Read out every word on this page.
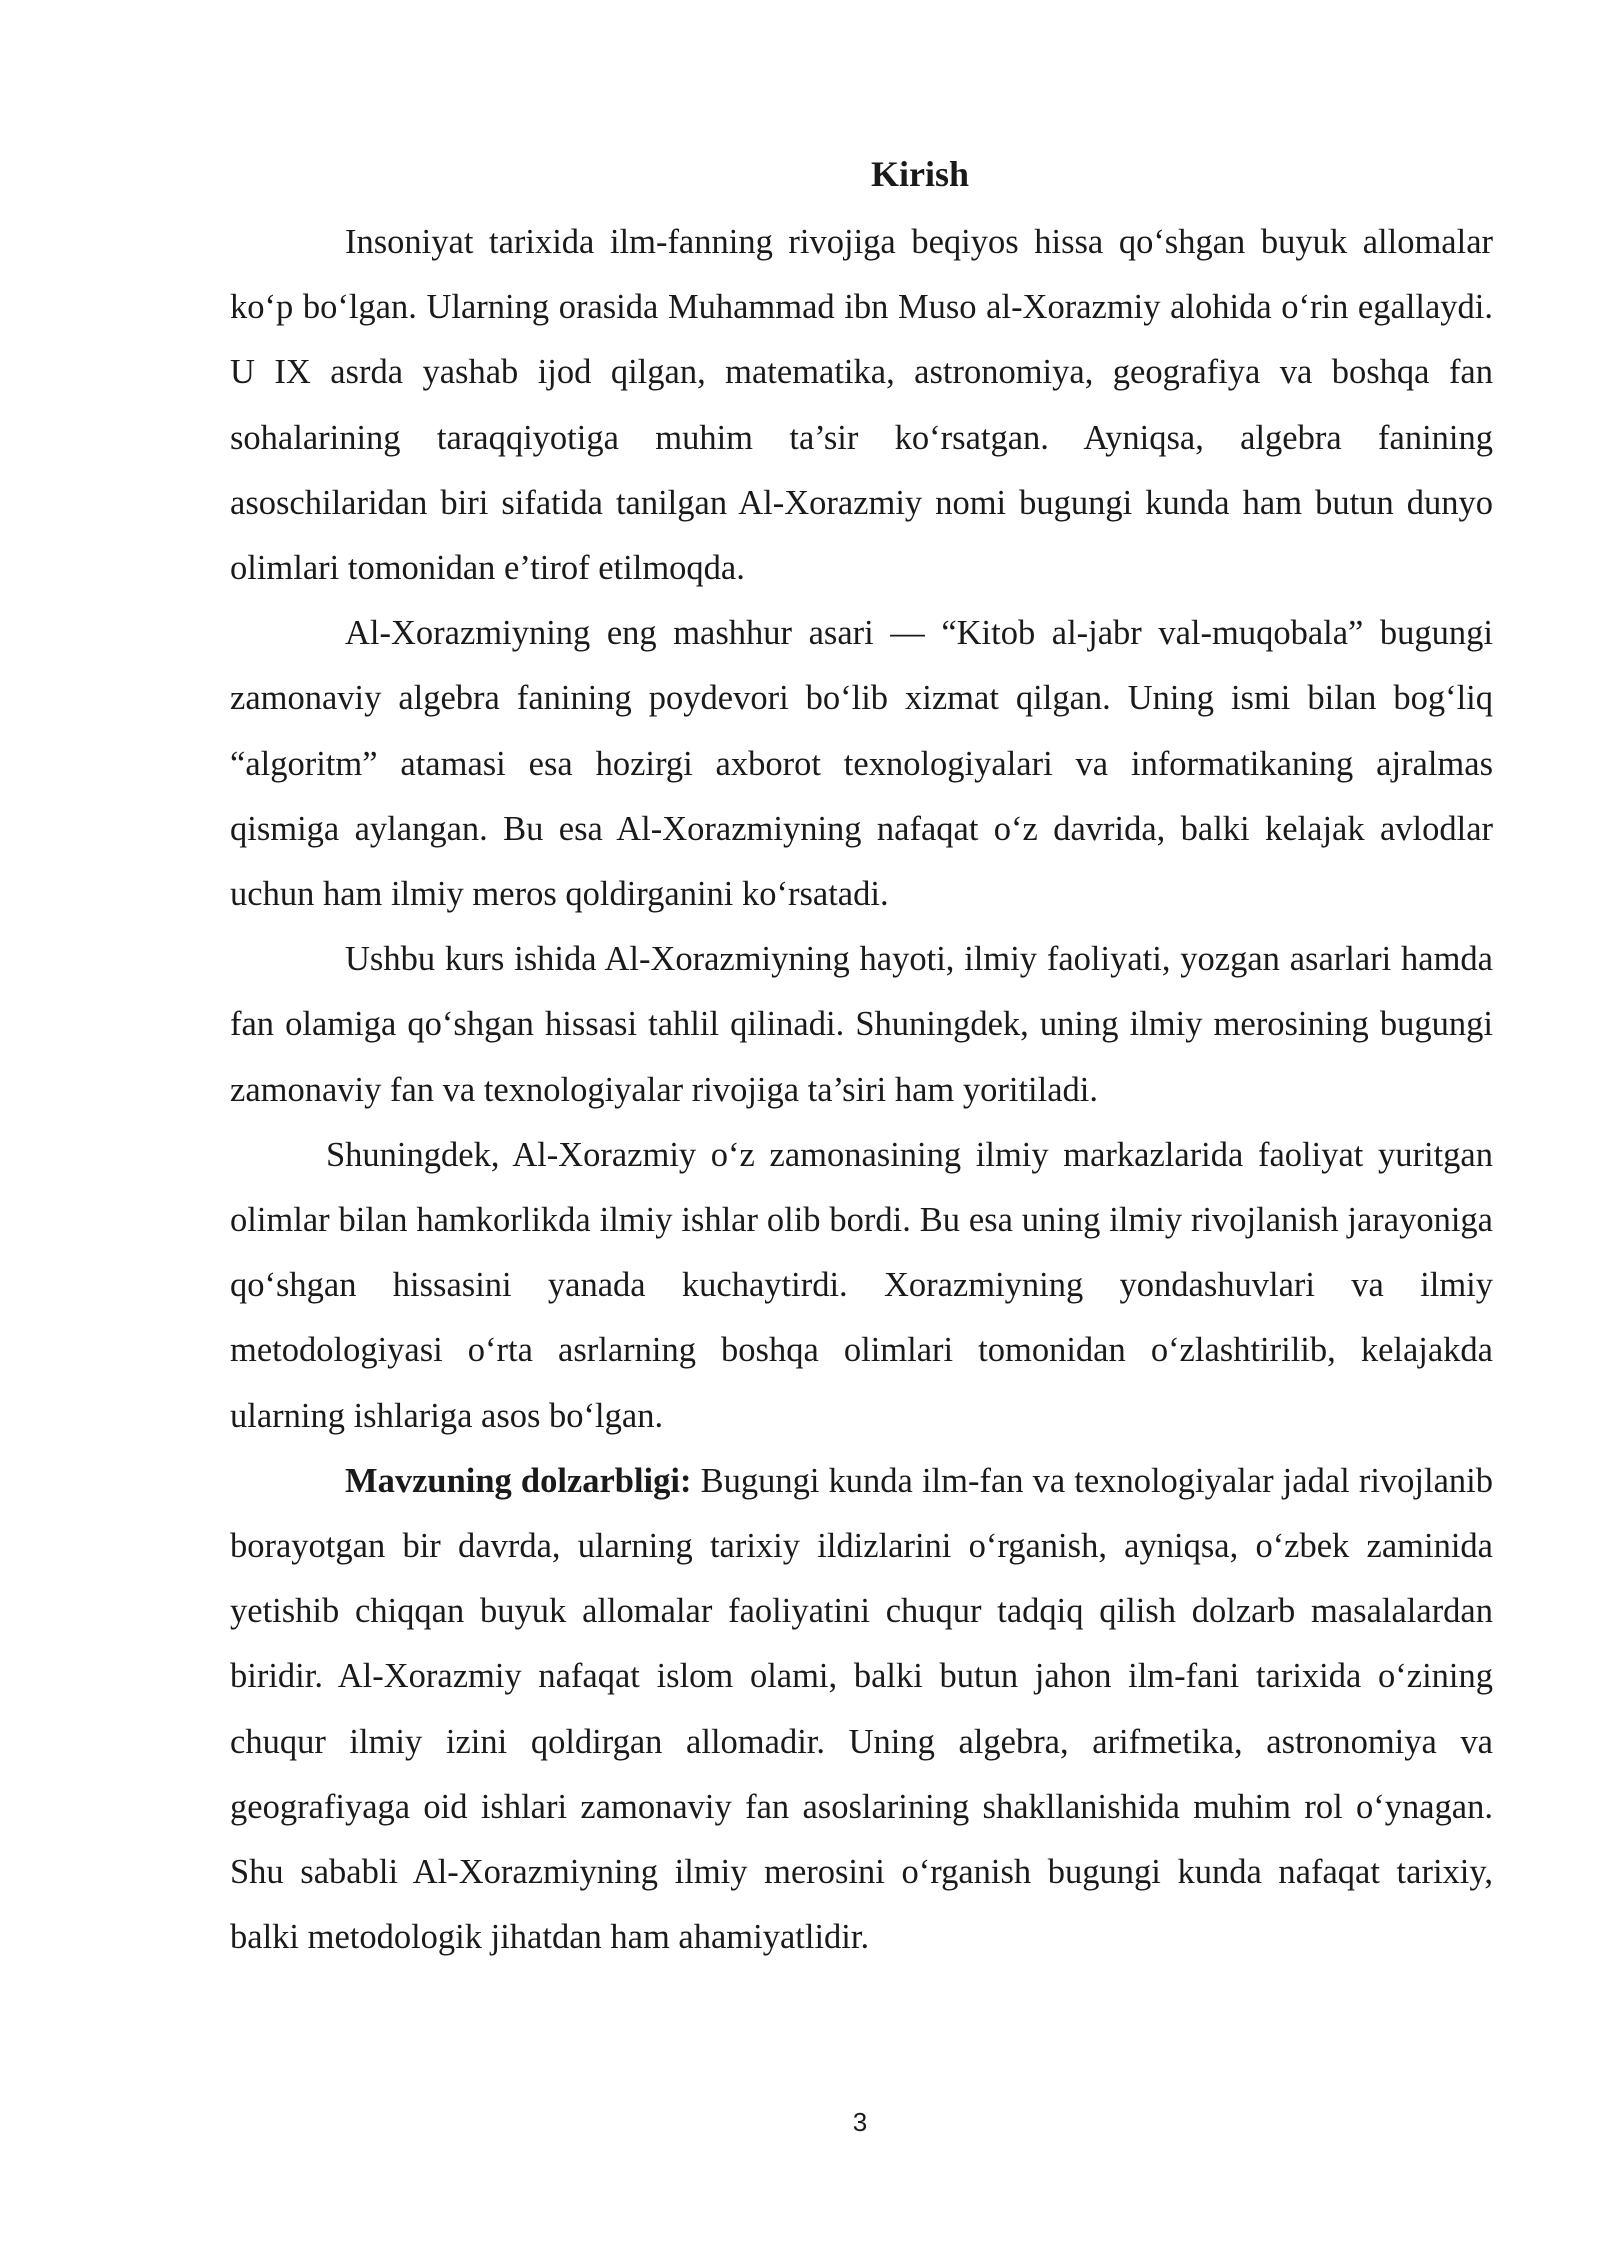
Kirish

Insoniyat tarixida ilm-fanning rivojiga beqiyos hissa qo‘shgan buyuk allomalar ko‘p bo‘lgan. Ularning orasida Muhammad ibn Muso al-Xorazmiy alohida o‘rin egallaydi. U IX asrda yashab ijod qilgan, matematika, astronomiya, geografiya va boshqa fan sohalarining taraqqiyotiga muhim ta’sir ko‘rsatgan. Ayniqsa, algebra fanining asoschilaridan biri sifatida tanilgan Al-Xorazmiy nomi bugungi kunda ham butun dunyo olimlari tomonidan e’tirof etilmoqda.

Al-Xorazmiyning eng mashhur asari — “Kitob al-jabr val-muqobala” bugungi zamonaviy algebra fanining poydevori bo‘lib xizmat qilgan. Uning ismi bilan bog‘liq “algoritm” atamasi esa hozirgi axborot texnologiyalari va informatikaning ajralmas qismiga aylangan. Bu esa Al-Xorazmiyning nafaqat o‘z davrida, balki kelajak avlodlar uchun ham ilmiy meros qoldirganini ko‘rsatadi.

Ushbu kurs ishida Al-Xorazmiyning hayoti, ilmiy faoliyati, yozgan asarlari hamda fan olamiga qo‘shgan hissasi tahlil qilinadi. Shuningdek, uning ilmiy merosining bugungi zamonaviy fan va texnologiyalar rivojiga ta’siri ham yoritiladi.

Shuningdek, Al-Xorazmiy o‘z zamonasining ilmiy markazlarida faoliyat yuritgan olimlar bilan hamkorlikda ilmiy ishlar olib bordi. Bu esa uning ilmiy rivojlanish jarayoniga qo‘shgan hissasini yanada kuchaytirdi. Xorazmiyning yondashuvlari va ilmiy metodologiyasi o‘rta asrlarning boshqa olimlari tomonidan o‘zlashtirilib, kelajakda ularning ishlariga asos bo‘lgan.

Mavzuning dolzarbligi: Bugungi kunda ilm-fan va texnologiyalar jadal rivojlanib borayotgan bir davrda, ularning tarixiy ildizlarini o‘rganish, ayniqsa, o‘zbek zaminida yetishib chiqqan buyuk allomalar faoliyatini chuqur tadqiq qilish dolzarb masalalardan biridir. Al-Xorazmiy nafaqat islom olami, balki butun jahon ilm-fani tarixida o‘zining chuqur ilmiy izini qoldirgan allomadir. Uning algebra, arifmetika, astronomiya va geografiyaga oid ishlari zamonaviy fan asoslarining shakllanishida muhim rol o‘ynagan. Shu sababli Al-Xorazmiyning ilmiy merosini o‘rganish bugungi kunda nafaqat tarixiy, balki metodologik jihatdan ham ahamiyatlidir.

3
